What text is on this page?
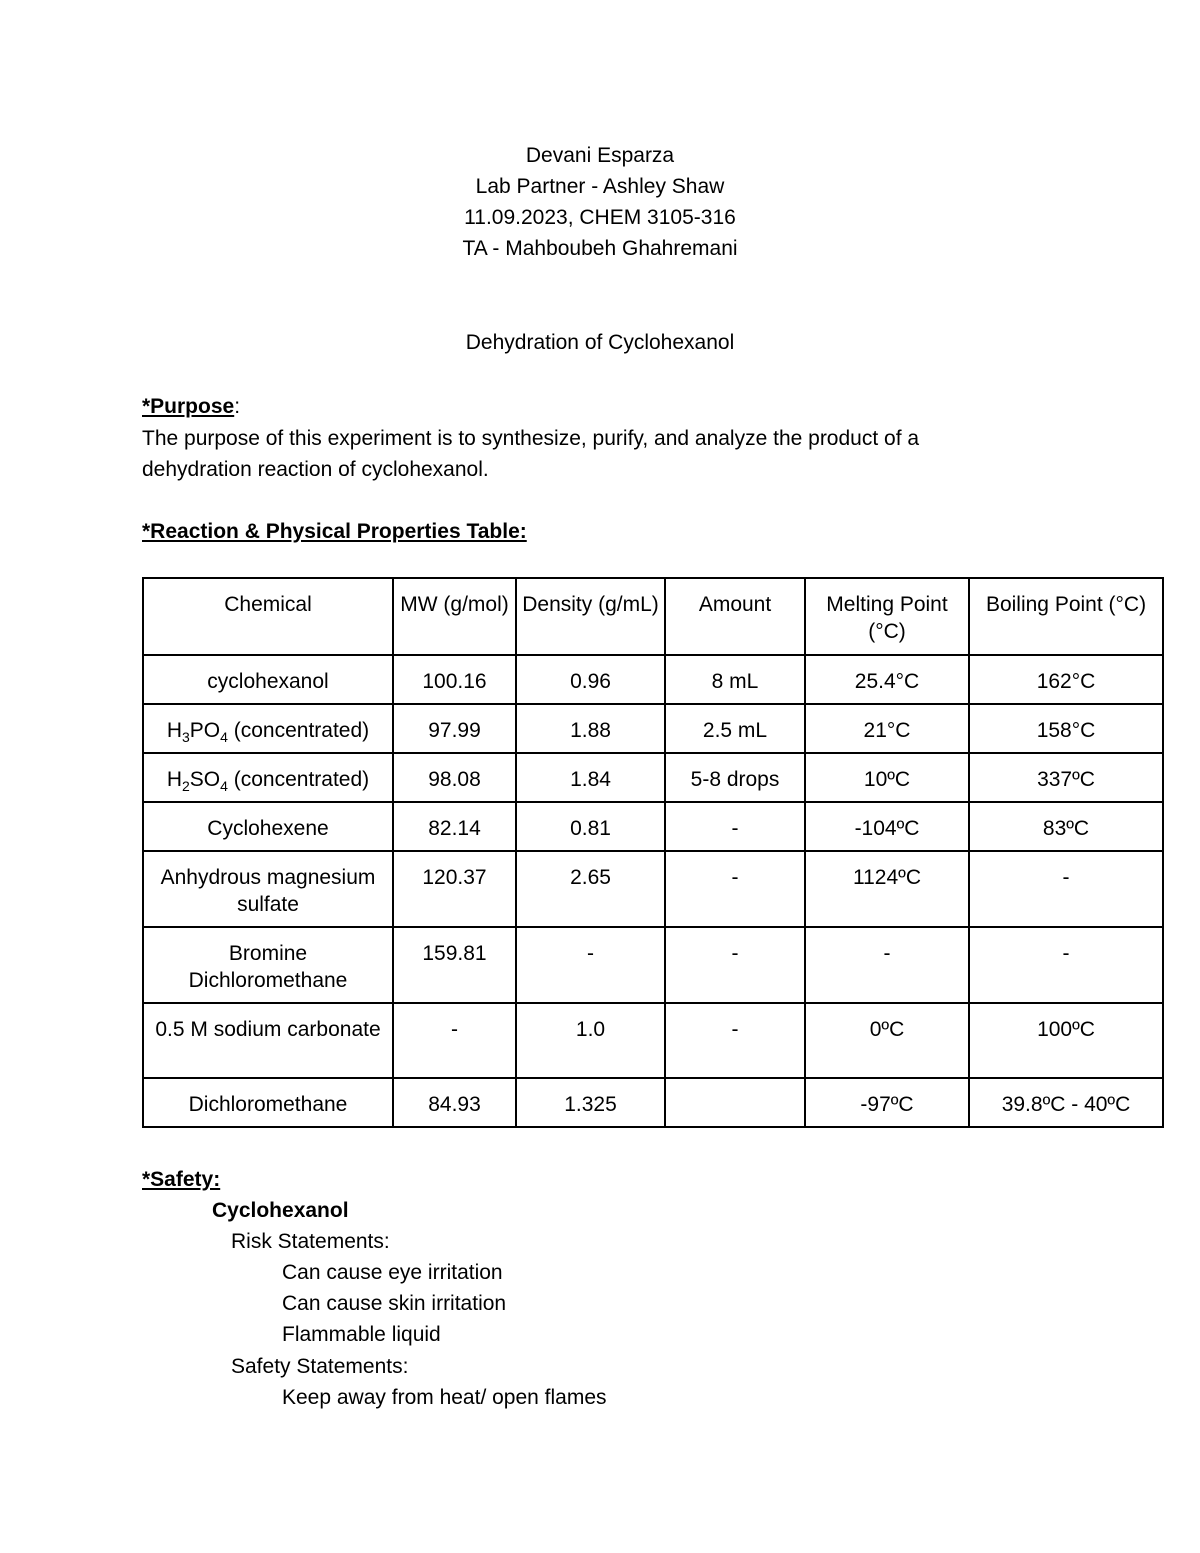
Devani Esparza
Lab Partner - Ashley Shaw
11.09.2023, CHEM 3105-316
TA - Mahboubeh Ghahremani
Dehydration of Cyclohexanol
*Purpose:
The purpose of this experiment is to synthesize, purify, and analyze the product of a
dehydration reaction of cyclohexanol.
*Reaction & Physical Properties Table:
Chemical	MW (g/mol)	Density (g/mL)	Amount	Melting Point (°C)	Boiling Point (°C)
cyclohexanol	100.16	0.96	8 mL	25.4°C	162°C
$H_3PO_4$ (concentrated)	97.99	1.88	2.5 mL	21°C	158°C
$H_2SO_4$ (concentrated)	98.08	1.84	5-8 drops	10ºC	337ºC
Cyclohexene	82.14	0.81	-	-104ºC	83ºC
Anhydrous magnesium sulfate	120.37	2.65	-	1124ºC	-
Bromine Dichloromethane	159.81	-	-	-	-
0.5 M sodium carbonate	-	1.0	-	0ºC	100ºC
Dichloromethane	84.93	1.325		-97ºC	39.8ºC - 40ºC
*Safety:
Cyclohexanol
Risk Statements:
Can cause eye irritation
Can cause skin irritation
Flammable liquid
Safety Statements:
Keep away from heat/ open flames
